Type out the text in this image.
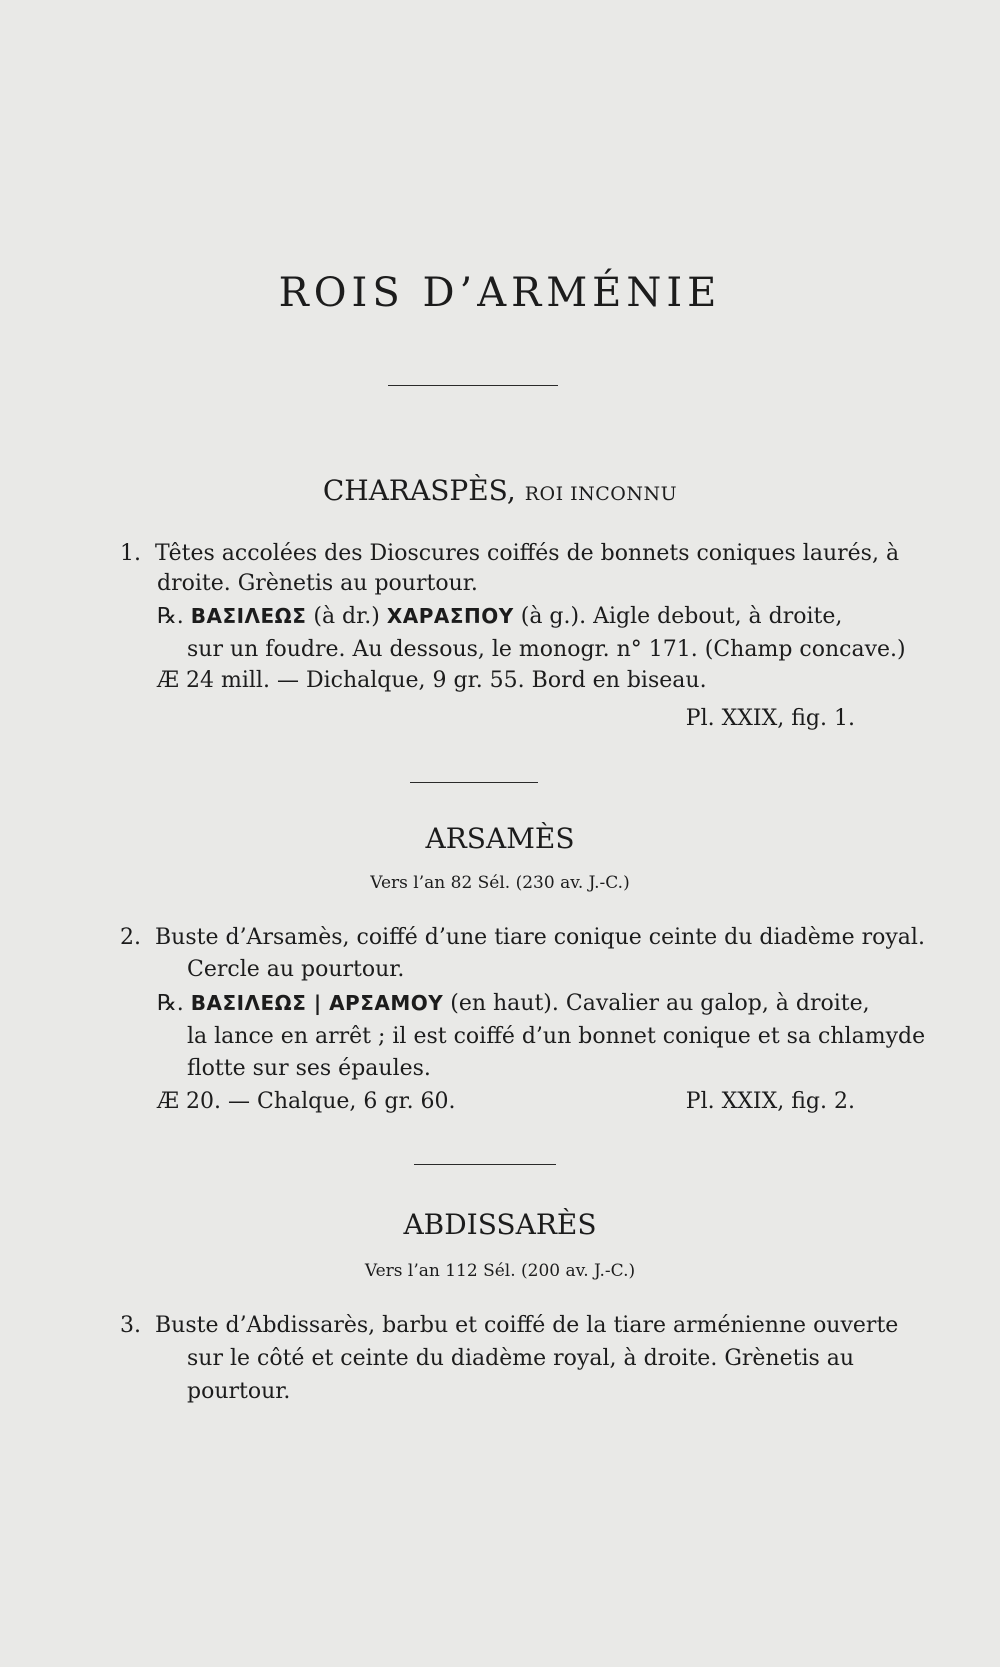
ROIS D’ARMÉNIE
CHARASPÈS, ROI INCONNU
1. Têtes accolées des Dioscures coiffés de bonnets coniques laurés, à
droite. Grènetis au pourtour.
℞. ΒΑΣΙΛΕΩΣ (à dr.) ΧΑΡΑΣΠΟΥ (à g.). Aigle debout, à droite,
sur un foudre. Au dessous, le monogr. n° 171. (Champ concave.)
Æ 24 mill. — Dichalque, 9 gr. 55. Bord en biseau.
Pl. XXIX, fig. 1.
ARSAMÈS
Vers l’an 82 Sél. (230 av. J.-C.)
2. Buste d’Arsamès, coiffé d’une tiare conique ceinte du diadème royal.
Cercle au pourtour.
℞. ΒΑΣΙΛΕΩΣ | ΑΡΣΑΜΟΥ (en haut). Cavalier au galop, à droite,
la lance en arrêt ; il est coiffé d’un bonnet conique et sa chlamyde
flotte sur ses épaules.
Æ 20. — Chalque, 6 gr. 60.	Pl. XXIX, fig. 2.
ABDISSARÈS
Vers l’an 112 Sél. (200 av. J.-C.)
3. Buste d’Abdissarès, barbu et coiffé de la tiare arménienne ouverte
sur le côté et ceinte du diadème royal, à droite. Grènetis au
pourtour.
